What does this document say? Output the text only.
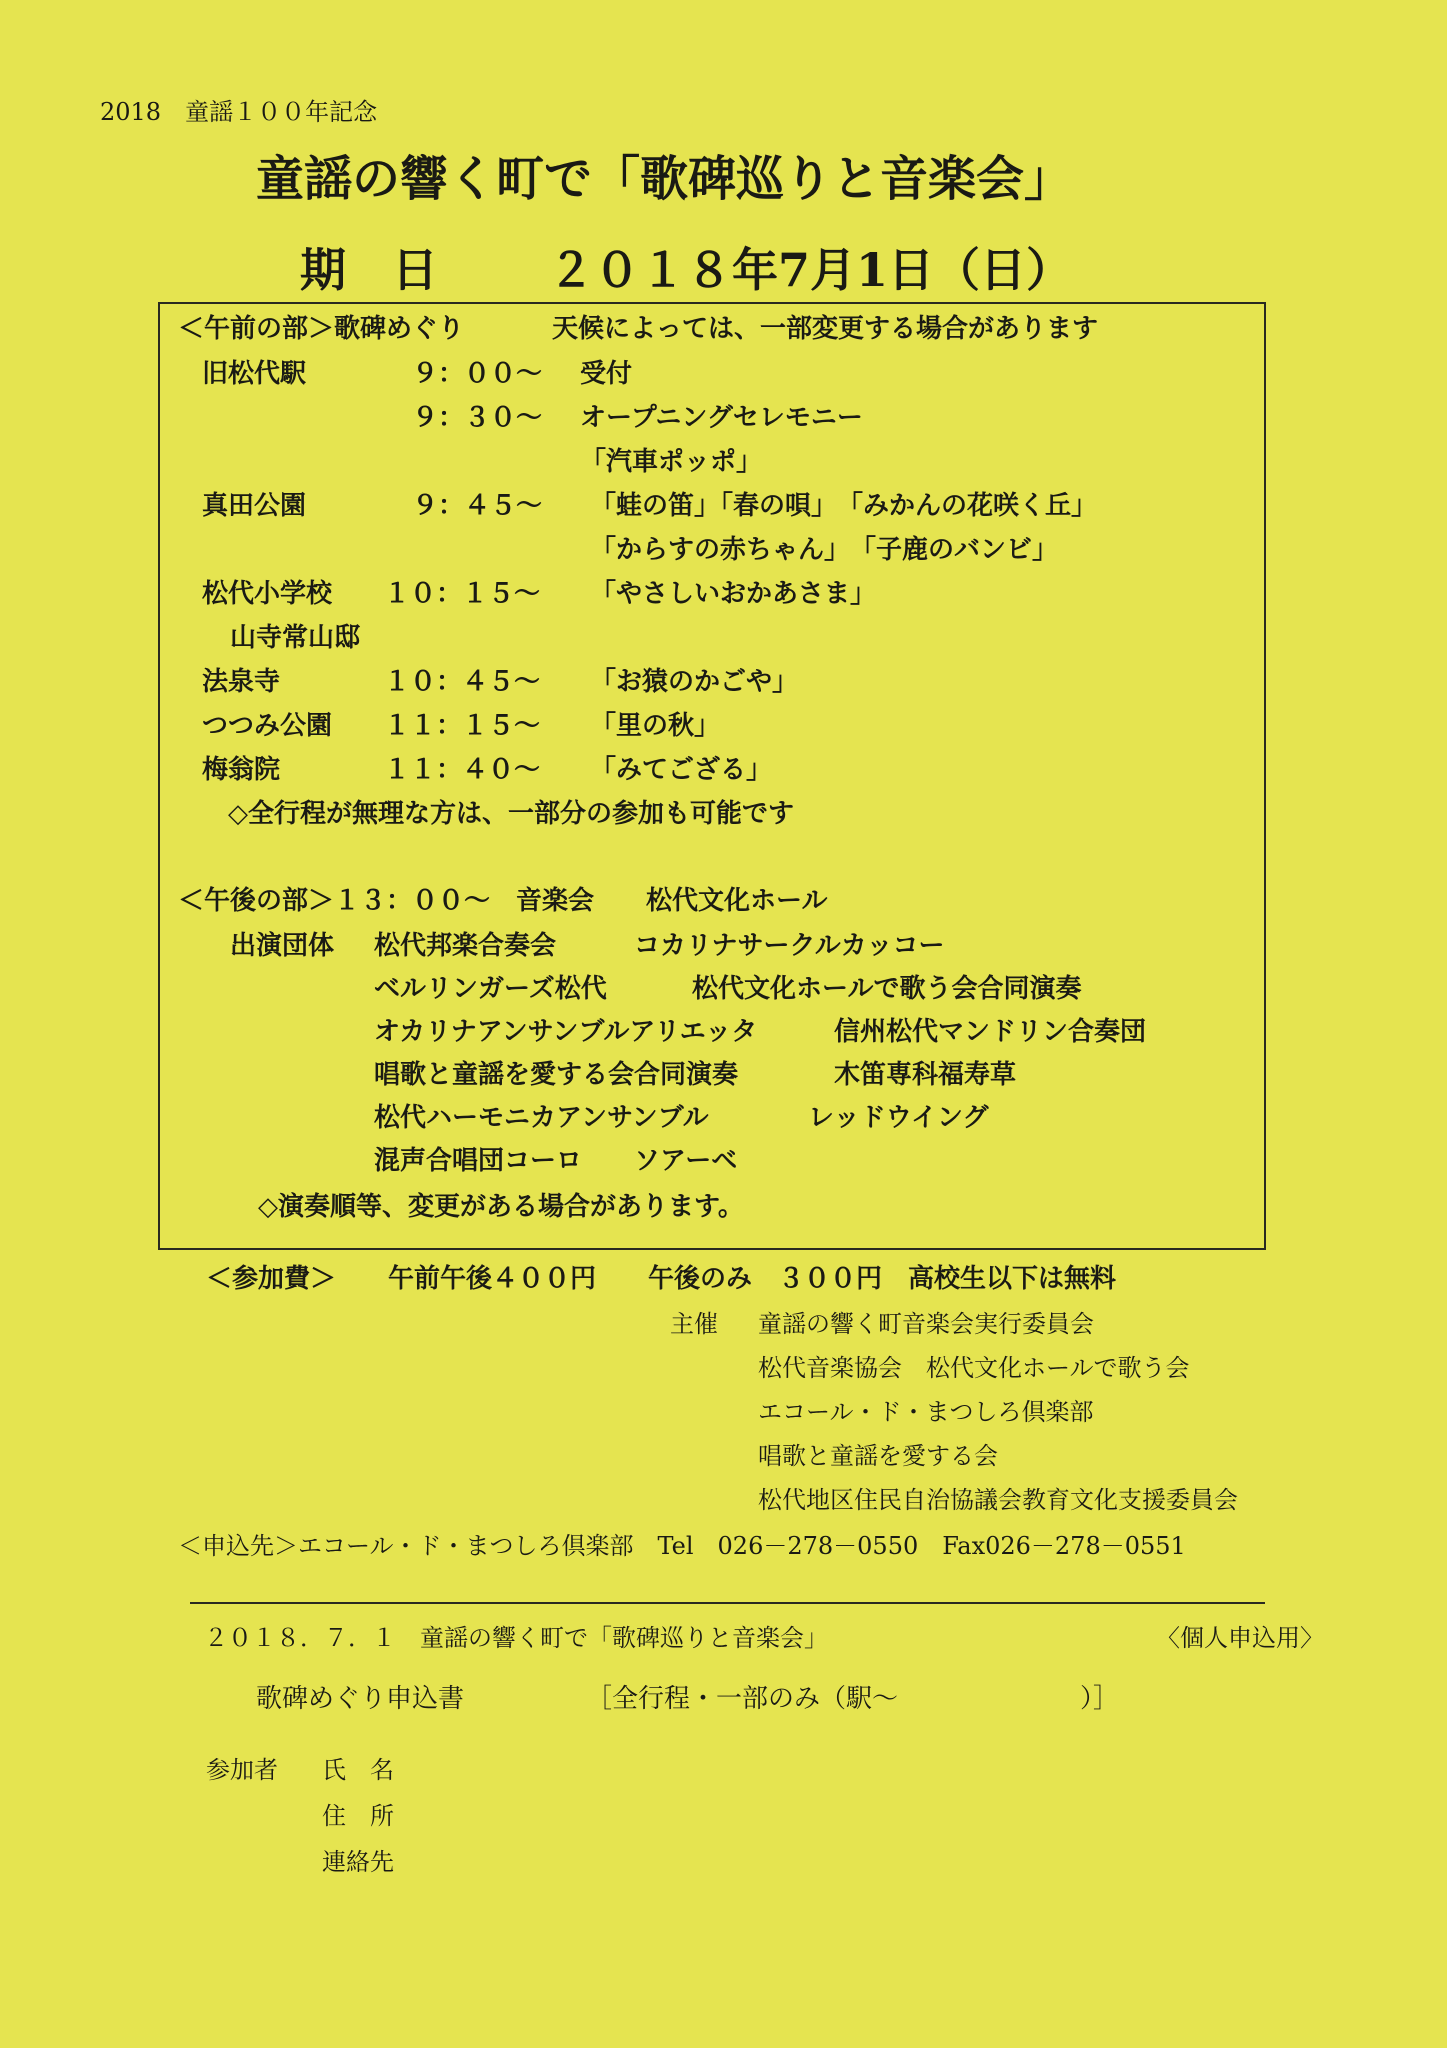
2018　童謡１００年記念
童謡の響く町で「歌碑巡りと音楽会」
期　日 ２０１８年7月1日（日）
＜午前の部＞歌碑めぐり	天候によっては、一部変更する場合があります
旧松代駅	９：００～ 受付
９：３０～ オープニングセレモニー
「汽車ポッポ」
真田公園	９：４５～ 「蛙の笛」「春の唄」　「みかんの花咲く丘」
「からすの赤ちゃん」　「子鹿のバンビ」
松代小学校 １０：１５～ 「やさしいおかあさま」
山寺常山邸
法泉寺	１０：４５～ 「お猿のかごや」
つつみ公園 １１：１５～ 「里の秋」
梅翁院	１１：４０～ 「みてござる」
◇全行程が無理な方は、一部分の参加も可能です
＜午後の部＞１３：００～　音楽会　　松代文化ホール
出演団体 松代邦楽合奏会	コカリナサークルカッコー
ベルリンガーズ松代	松代文化ホールで歌う会合同演奏
オカリナアンサンブルアリエッタ	信州松代マンドリン合奏団
唱歌と童謡を愛する会合同演奏	木笛専科福寿草
松代ハーモニカアンサンブル	レッドウイング
混声合唱団コーロ ソアーベ
◇演奏順等、変更がある場合があります。
＜参加費＞　　午前午後４００円　　午後のみ　３００円　高校生以下は無料
主催 童謡の響く町音楽会実行委員会
松代音楽協会　松代文化ホールで歌う会
エコール・ド・まつしろ倶楽部
唱歌と童謡を愛する会
松代地区住民自治協議会教育文化支援委員会
＜申込先＞エコール・ド・まつしろ倶楽部　Tel　026－278－0550　Fax026－278－0551
２０１８．７．１　童謡の響く町で「歌碑巡りと音楽会」	〈個人申込用〉
歌碑めぐり申込書	［全行程・一部のみ（駅～　　　　　　　）］
参加者 氏　名
住　所
連絡先
